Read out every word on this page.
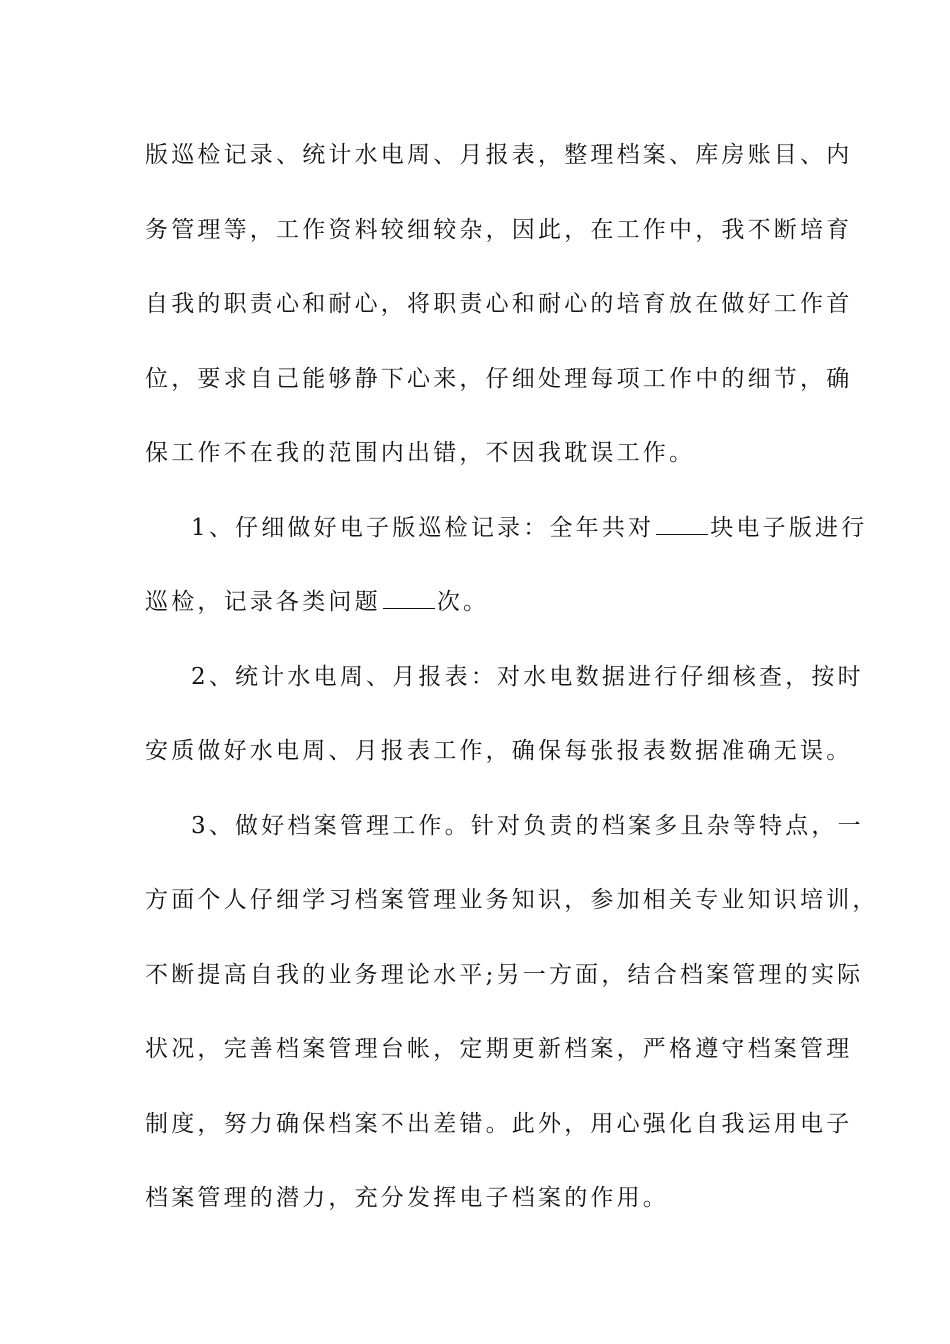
版巡检记录、统计水电周、月报表，整理档案、库房账目、内
务管理等，工作资料较细较杂，因此，在工作中，我不断培育
自我的职责心和耐心，将职责心和耐心的培育放在做好工作首
位，要求自己能够静下心来，仔细处理每项工作中的细节，确
保工作不在我的范围内出错，不因我耽误工作。
1、仔细做好电子版巡检记录：全年共对 块电子版进行
巡检，记录各类问题 次。
2、统计水电周、月报表：对水电数据进行仔细核查，按时
安质做好水电周、月报表工作，确保每张报表数据准确无误。
3、做好档案管理工作。针对负责的档案多且杂等特点，一
方面个人仔细学习档案管理业务知识，参加相关专业知识培训，
不断提高自我的业务理论水平;另一方面，结合档案管理的实际
状况，完善档案管理台帐，定期更新档案，严格遵守档案管理
制度，努力确保档案不出差错。此外，用心强化自我运用电子
档案管理的潜力，充分发挥电子档案的作用。
